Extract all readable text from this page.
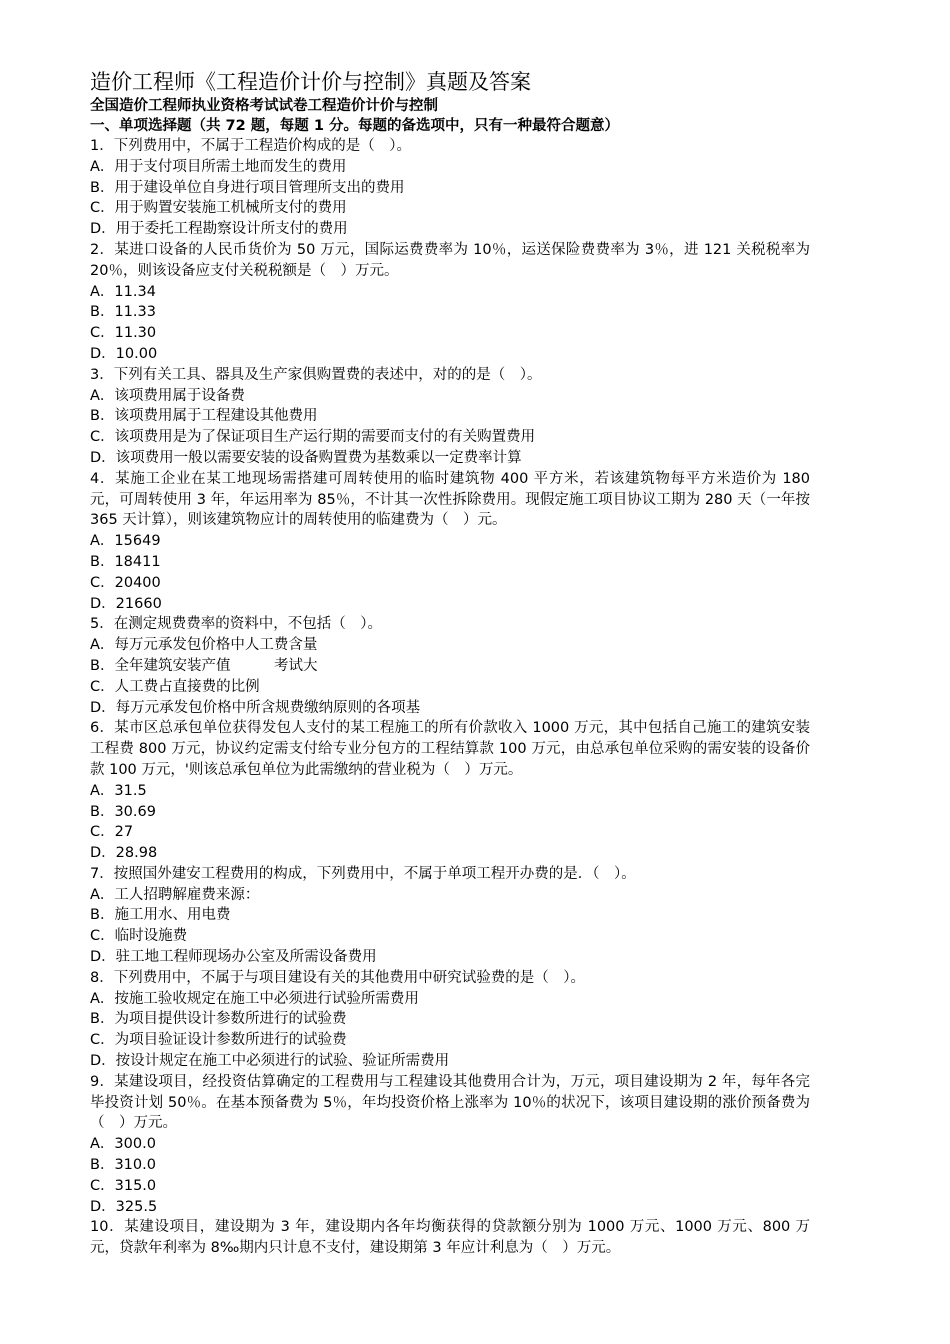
造价工程师《工程造价计价与控制》真题及答案
全国造价工程师执业资格考试试卷工程造价计价与控制
一、单项选择题（共 72 题，每题 1 分。每题的备选项中，只有一种最符合题意）

1．下列费用中，不属于工程造价构成的是（　）。

A．用于支付项目所需土地而发生的费用

B．用于建设单位自身进行项目管理所支出的费用

C．用于购置安装施工机械所支付的费用

D．用于委托工程勘察设计所支付的费用

2．某进口设备的人民币货价为 50 万元，国际运费费率为 10％，运送保险费费率为 3％，进 121 关税税率为 20％，则该设备应支付关税税额是（　）万元。

A．11.34

B．11.33

C．11.30

D．10.00

3．下列有关工具、器具及生产家俱购置费的表述中，对的的是（　）。

A．该项费用属于设备费

B．该项费用属于工程建设其他费用

C．该项费用是为了保证项目生产运行期的需要而支付的有关购置费用

D．该项费用一般以需要安装的设备购置费为基数乘以一定费率计算

4．某施工企业在某工地现场需搭建可周转使用的临时建筑物 400 平方米，若该建筑物每平方米造价为 180 元，可周转使用 3 年，年运用率为 85％，不计其一次性拆除费用。现假定施工项目协议工期为 280 天（一年按 365 天计算），则该建筑物应计的周转使用的临建费为（　）元。

A．15649

B．18411

C．20400

D．21660

5．在测定规费费率的资料中，不包括（　）。

A．每万元承发包价格中人工费含量

B．全年建筑安装产值　　　考试大

C．人工费占直接费的比例

D．每万元承发包价格中所含规费缴纳原则的各项基

6．某市区总承包单位获得发包人支付的某工程施工的所有价款收入 1000 万元，其中包括自己施工的建筑安装工程费 800 万元，协议约定需支付给专业分包方的工程结算款 100 万元，由总承包单位采购的需安装的设备价款 100 万元，'则该总承包单位为此需缴纳的营业税为（　）万元。

A．31.5

B．30.69

C．27

D．28.98

7．按照国外建安工程费用的构成，下列费用中，不属于单项工程开办费的是．（　）。

A．工人招聘解雇费来源：

B．施工用水、用电费

C．临时设施费

D．驻工地工程师现场办公室及所需设备费用

8．下列费用中，不属于与项目建设有关的其他费用中研究试验费的是（　）。

A．按施工验收规定在施工中必须进行试验所需费用

B．为项目提供设计参数所进行的试验费

C．为项目验证设计参数所进行的试验费

D．按设计规定在施工中必须进行的试验、验证所需费用

9．某建设项目，经投资估算确定的工程费用与工程建设其他费用合计为，万元，项目建设期为 2 年，每年各完毕投资计划 50％。在基本预备费为 5％，年均投资价格上涨率为 10％的状况下，该项目建设期的涨价预备费为（　）万元。

A．300.0

B．310.0

C．315.0

D．325.5

10．某建设项目，建设期为 3 年，建设期内各年均衡获得的贷款额分别为 1000 万元、1000 万元、800 万元，贷款年利率为 8‰期内只计息不支付，建设期第 3 年应计利息为（　）万元。
